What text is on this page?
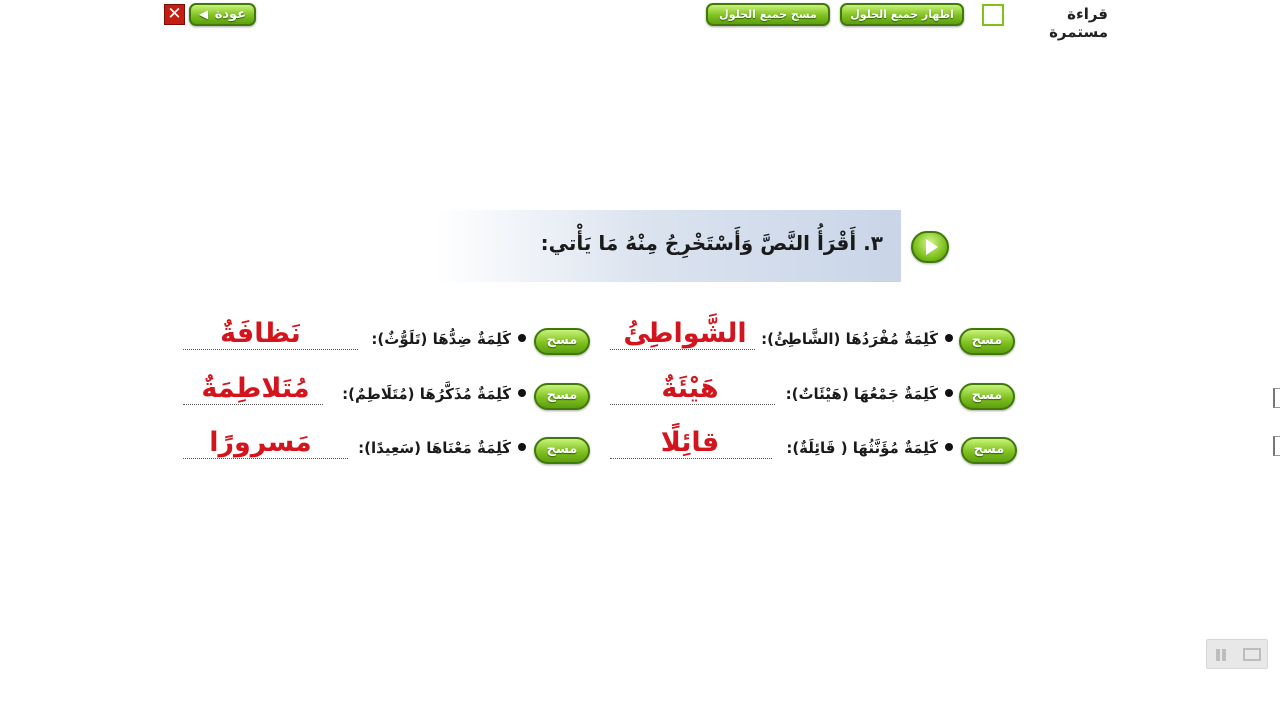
✕	عودة ◀	مسح جميع الحلول	اظهار جميع الحلول	قراءة مستمرة
٣. أَقْرَأُ النَّصَّ وَأَسْتَخْرِجُ مِنْهُ مَا يَأْتي:
مسح
كَلِمَةٌ مُفْرَدُهَا (الشَّاطِئُ):
الشَّواطِئُ
مسح
كَلِمَةٌ ضِدُّهَا (تَلَوُّثٌ):
نَظافَةٌ
مسح
كَلِمَةٌ جَمْعُهَا (هَيْئَاتٌ):
هَيْئَةٌ
مسح
كَلِمَةٌ مُذَكَّرُهَا (مُتَلَاطِمٌ):
مُتَلاطِمَةٌ
مسح
كَلِمَةٌ مُؤَنَّثُهَا ( قَائِلَةٌ):
قائِلًا
مسح
كَلِمَةٌ مَعْنَاهَا (سَعِيدًا):
مَسرورًا
